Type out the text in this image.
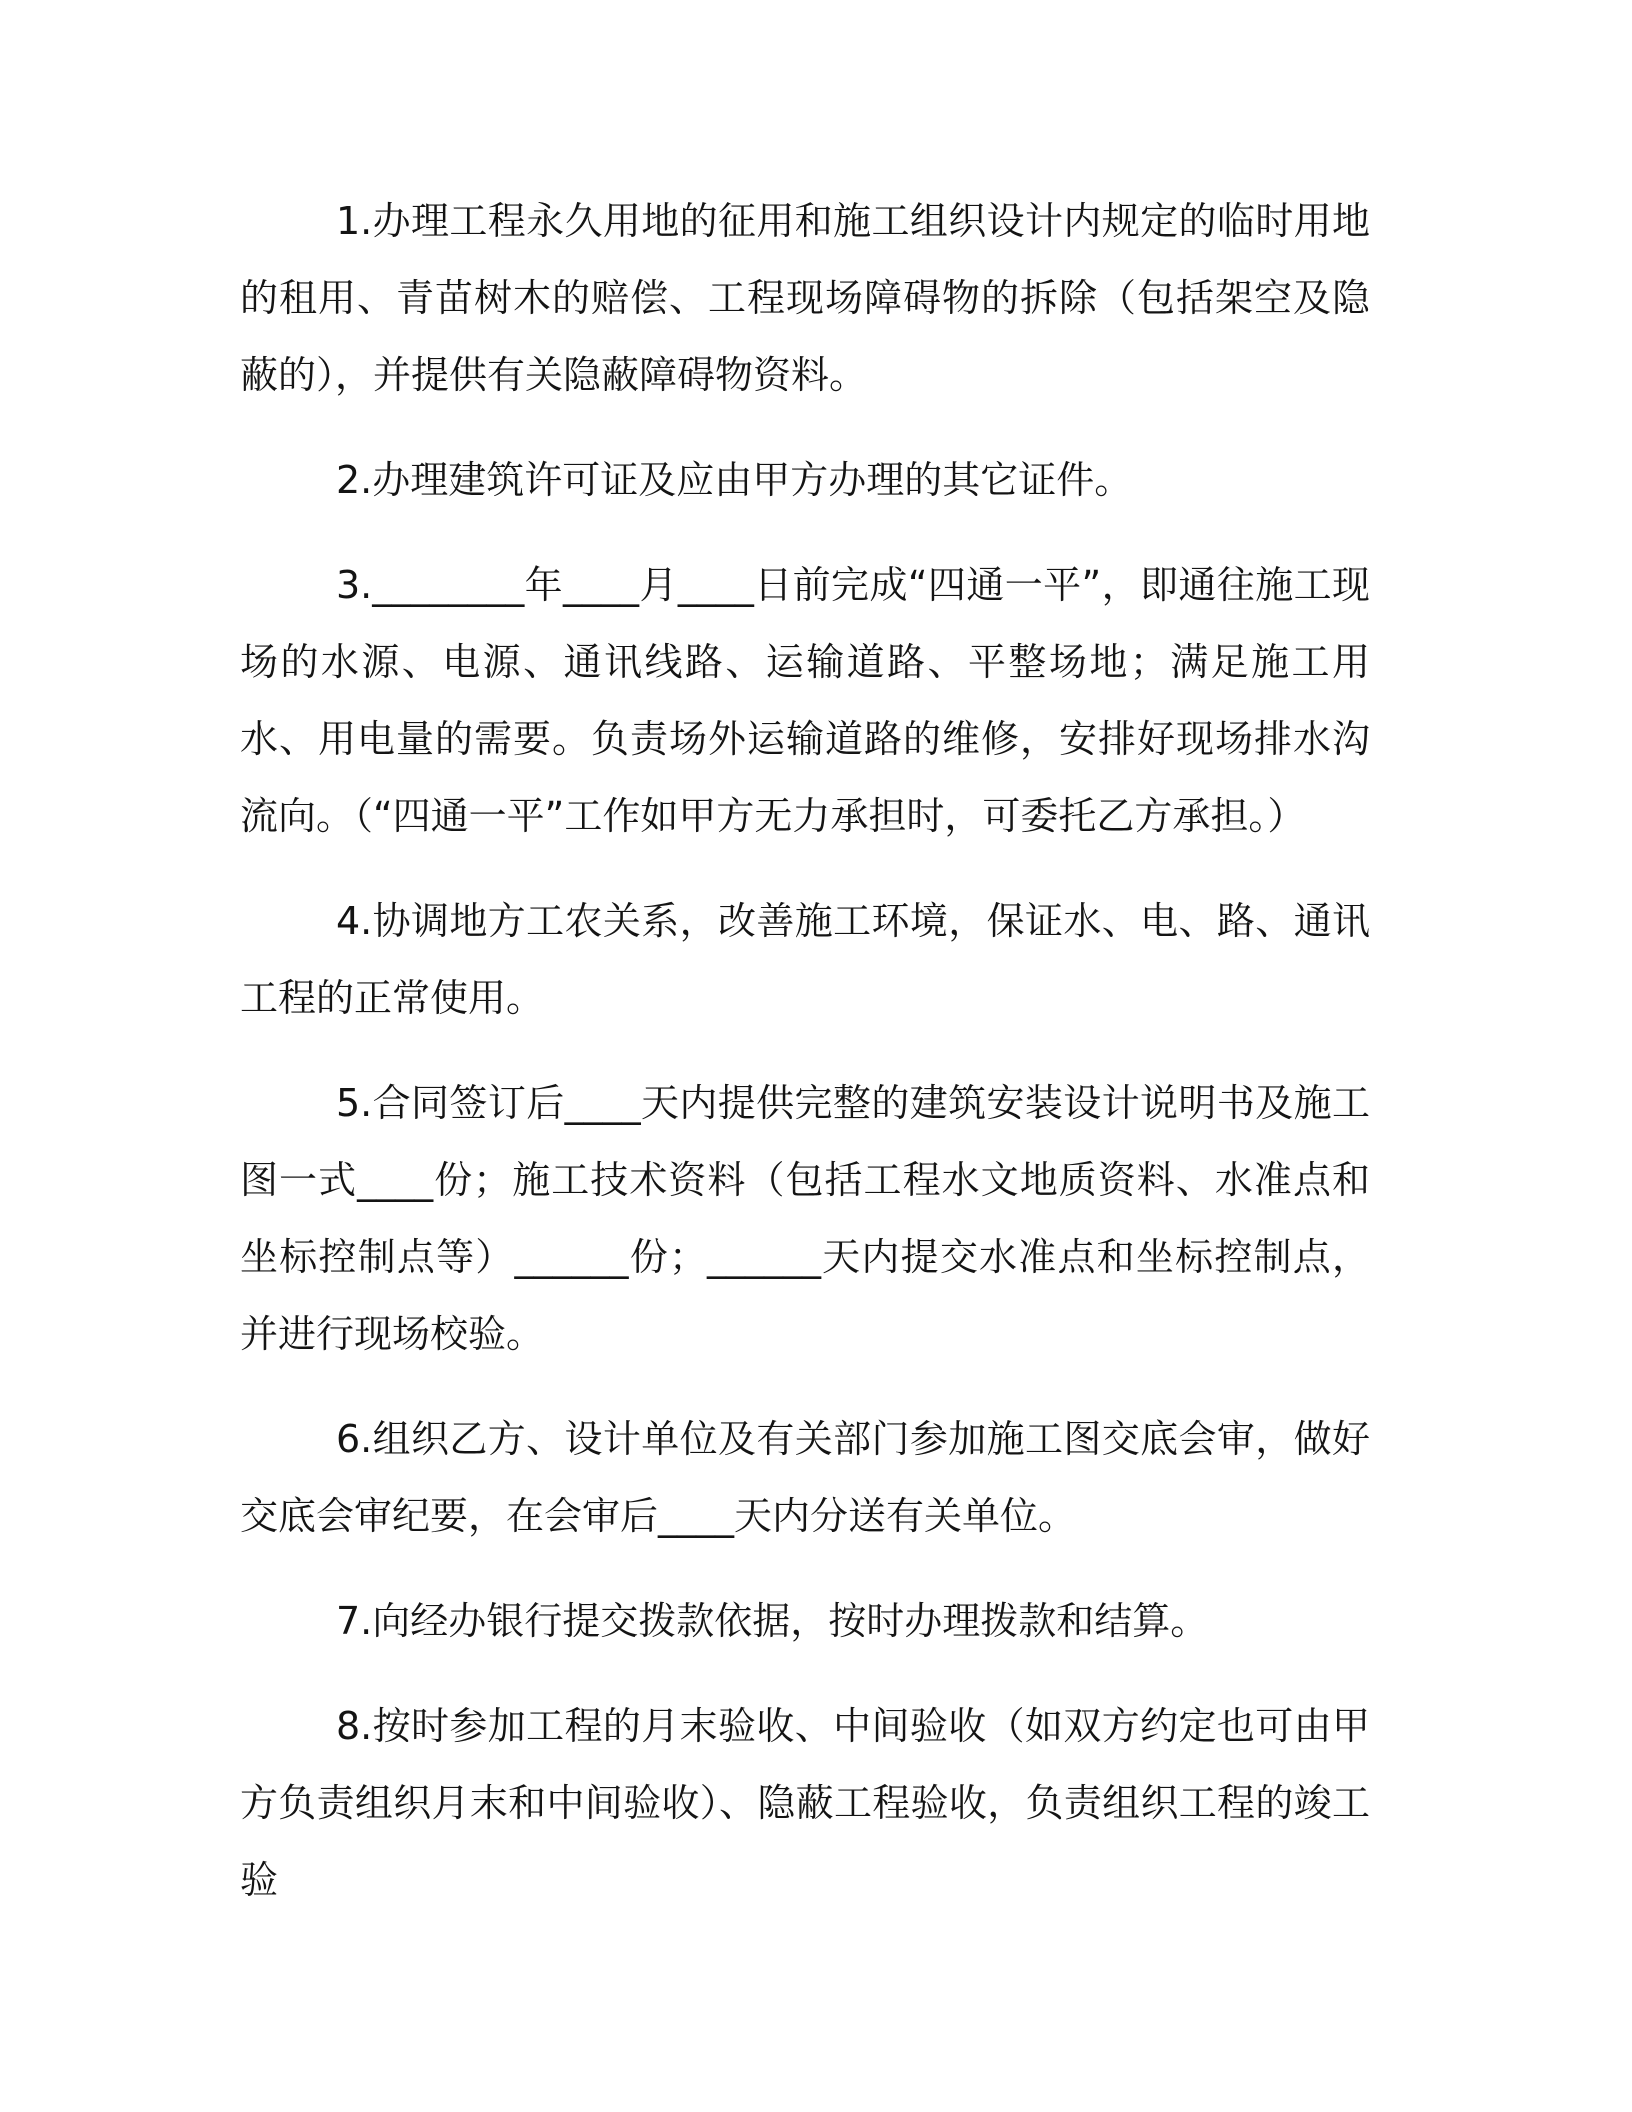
1.办理工程永久用地的征用和施工组织设计内规定的临时用地的租用、青苗树木的赔偿、工程现场障碍物的拆除（包括架空及隐蔽的），并提供有关隐蔽障碍物资料。

2.办理建筑许可证及应由甲方办理的其它证件。

3.________年____月____日前完成“四通一平”，即通往施工现场的水源、电源、通讯线路、运输道路、平整场地；满足施工用水、用电量的需要。负责场外运输道路的维修，安排好现场排水沟流向。（“四通一平”工作如甲方无力承担时，可委托乙方承担。）

4.协调地方工农关系，改善施工环境，保证水、电、路、通讯工程的正常使用。

5.合同签订后____天内提供完整的建筑安装设计说明书及施工图一式____份；施工技术资料（包括工程水文地质资料、水准点和坐标控制点等）______份；______天内提交水准点和坐标控制点，并进行现场校验。

6.组织乙方、设计单位及有关部门参加施工图交底会审，做好交底会审纪要，在会审后____天内分送有关单位。

7.向经办银行提交拨款依据，按时办理拨款和结算。

8.按时参加工程的月末验收、中间验收（如双方约定也可由甲方负责组织月末和中间验收）、隐蔽工程验收，负责组织工程的竣工验
